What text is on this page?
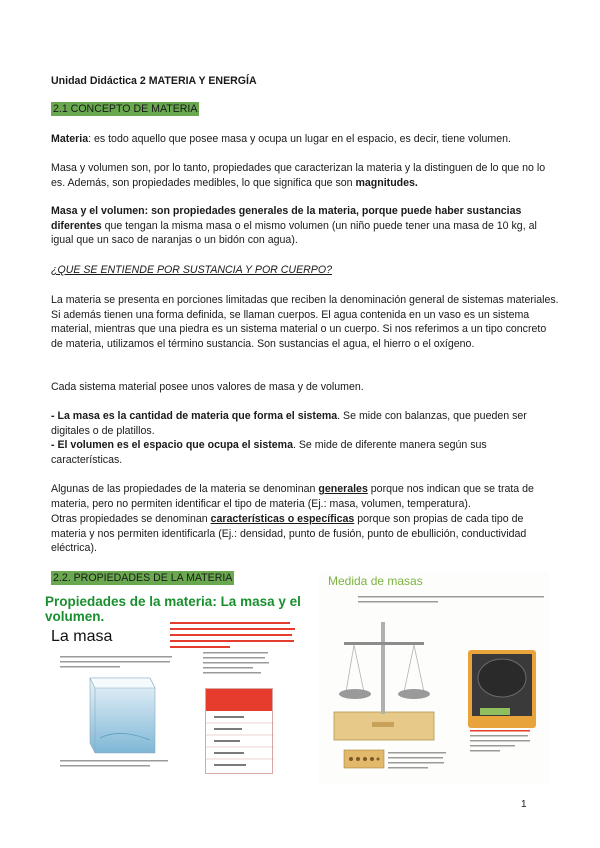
Unidad Didáctica 2 MATERIA Y ENERGÍA
2.1 CONCEPTO DE MATERIA

Materia: es todo aquello que posee masa y ocupa un lugar en el espacio, es decir, tiene volumen.

Masa y volumen son, por lo tanto, propiedades que caracterizan la materia y la distinguen de lo que no lo es. Además, son propiedades medibles, lo que significa que son magnitudes.

Masa y el volumen: son propiedades generales de la materia, porque puede haber sustancias diferentes que tengan la misma masa o el mismo volumen (un niño puede tener una masa de 10 kg, al igual que un saco de naranjas o un bidón con agua).

¿QUE SE ENTIENDE POR SUSTANCIA Y POR CUERPO?

La materia se presenta en porciones limitadas que reciben la denominación general de sistemas materiales. Si además tienen una forma definida, se llaman cuerpos. El agua contenida en un vaso es un sistema material, mientras que una piedra es un sistema material o un cuerpo. Si nos referimos a un tipo concreto de materia, utilizamos el término sustancia. Son sustancias el agua, el hierro o el oxígeno.

Cada sistema material posee unos valores de masa y de volumen.

- La masa es la cantidad de materia que forma el sistema. Se mide con balanzas, que pueden ser digitales o de platillos.

- El volumen es el espacio que ocupa el sistema. Se mide de diferente manera según sus características.

Algunas de las propiedades de la materia se denominan generales porque nos indican que se trata de materia, pero no permiten identificar el tipo de materia (Ej.: masa, volumen, temperatura).

Otras propiedades se denominan características o específicas porque son propias de cada tipo de materia y nos permiten identificarla (Ej.: densidad, punto de fusión, punto de ebullición, conductividad eléctrica).

2.2. PROPIEDADES DE LA MATERIA
Propiedades de la materia: La masa y el volumen.
La masa
Medida de masas
1
